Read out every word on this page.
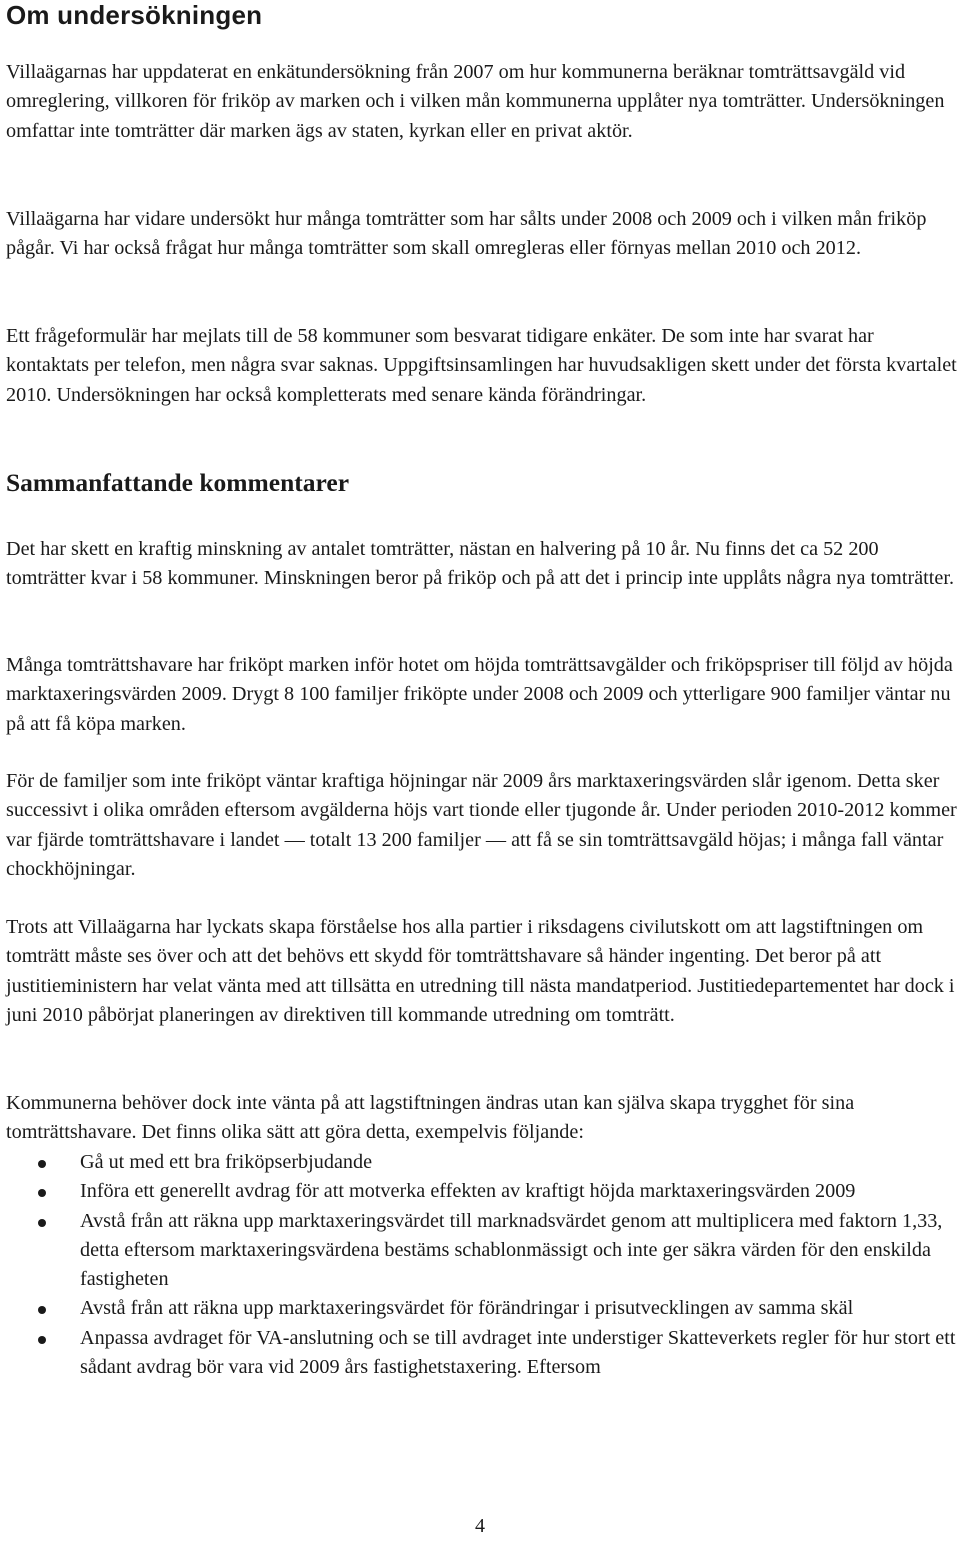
Om undersökningen

Villaägarnas har uppdaterat en enkätundersökning från 2007 om hur kommunerna beräknar tomträttsavgäld vid omreglering, villkoren för friköp av marken och i vilken mån kommunerna upplåter nya tomträtter. Undersökningen omfattar inte tomträtter där marken ägs av staten, kyrkan eller en privat aktör.

Villaägarna har vidare undersökt hur många tomträtter som har sålts under 2008 och 2009 och i vilken mån friköp pågår. Vi har också frågat hur många tomträtter som skall omregleras eller förnyas mellan 2010 och 2012.

Ett frågeformulär har mejlats till de 58 kommuner som besvarat tidigare enkäter. De som inte har svarat har kontaktats per telefon, men några svar saknas. Uppgiftsinsamlingen har huvudsakligen skett under det första kvartalet 2010. Undersökningen har också kompletterats med senare kända förändringar.

Sammanfattande kommentarer

Det har skett en kraftig minskning av antalet tomträtter, nästan en halvering på 10 år. Nu finns det ca 52 200 tomträtter kvar i 58 kommuner. Minskningen beror på friköp och på att det i princip inte upplåts några nya tomträtter.

Många tomträttshavare har friköpt marken inför hotet om höjda tomträttsavgälder och friköpspriser till följd av höjda marktaxeringsvärden 2009. Drygt 8 100 familjer friköpte under 2008 och 2009 och ytterligare 900 familjer väntar nu på att få köpa marken.

För de familjer som inte friköpt väntar kraftiga höjningar när 2009 års marktaxeringsvärden slår igenom. Detta sker successivt i olika områden eftersom avgälderna höjs vart tionde eller tjugonde år. Under perioden 2010-2012 kommer var fjärde tomträttshavare i landet — totalt 13 200 familjer — att få se sin tomträttsavgäld höjas; i många fall väntar chockhöjningar.

Trots att Villaägarna har lyckats skapa förståelse hos alla partier i riksdagens civilutskott om att lagstiftningen om tomträtt måste ses över och att det behövs ett skydd för tomträttshavare så händer ingenting. Det beror på att justitieministern har velat vänta med att tillsätta en utredning till nästa mandatperiod. Justitiedepartementet har dock i juni 2010 påbörjat planeringen av direktiven till kommande utredning om tomträtt.

Kommunerna behöver dock inte vänta på att lagstiftningen ändras utan kan själva skapa trygghet för sina tomträttshavare. Det finns olika sätt att göra detta, exempelvis följande:

Gå ut med ett bra friköpserbjudande
Införa ett generellt avdrag för att motverka effekten av kraftigt höjda marktaxeringsvärden 2009
Avstå från att räkna upp marktaxeringsvärdet till marknadsvärdet genom att multiplicera med faktorn 1,33, detta eftersom marktaxeringsvärdena bestäms schablonmässigt och inte ger säkra värden för den enskilda fastigheten
Avstå från att räkna upp marktaxeringsvärdet för förändringar i prisutvecklingen av samma skäl
Anpassa avdraget för VA-anslutning och se till avdraget inte understiger Skatteverkets regler för hur stort ett sådant avdrag bör vara vid 2009 års fastighetstaxering. Eftersom
4
